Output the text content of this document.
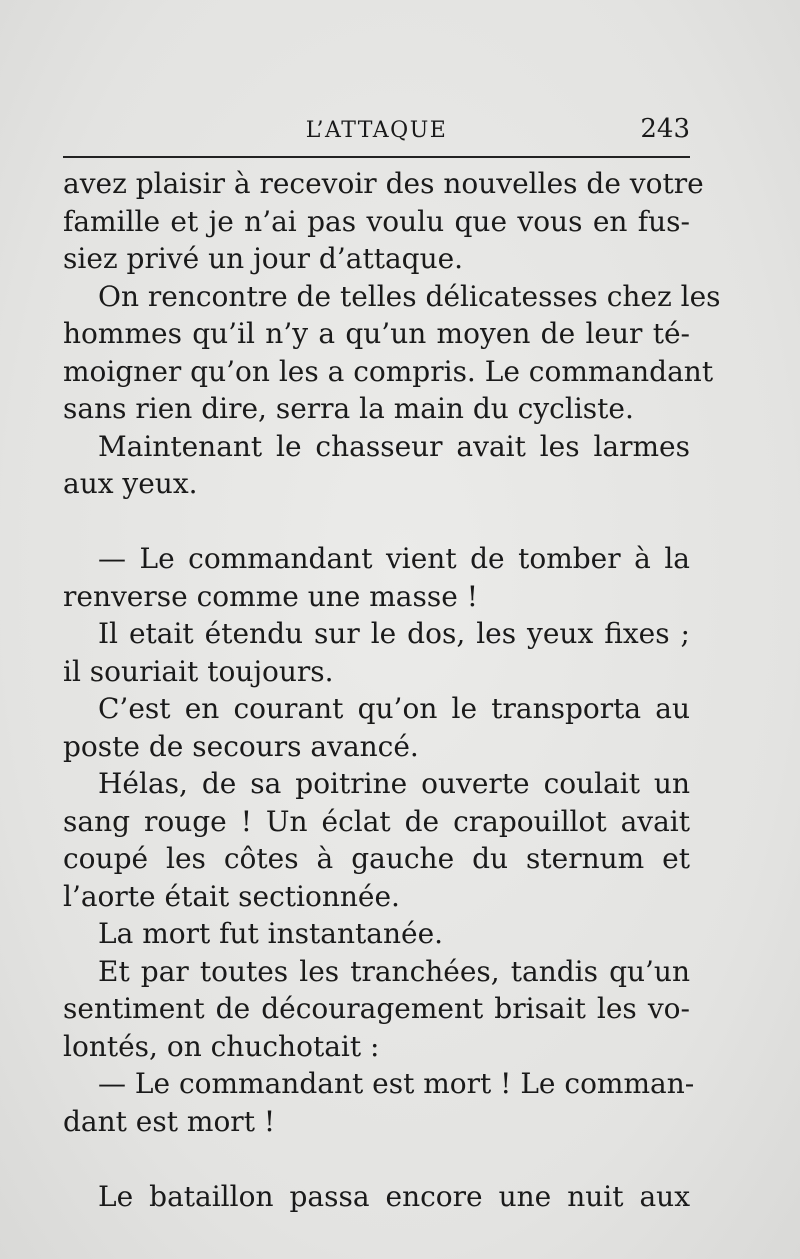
L’ATTAQUE	243
avez plaisir à recevoir des nouvelles de votre
famille et je n’ai pas voulu que vous en fus-
siez privé un jour d’attaque.
On rencontre de telles délicatesses chez les
hommes qu’il n’y a qu’un moyen de leur té-
moigner qu’on les a compris. Le commandant
sans rien dire, serra la main du cycliste.
Maintenant le chasseur avait les larmes
aux yeux.
— Le commandant vient de tomber à la
renverse comme une masse !
Il etait étendu sur le dos, les yeux fixes ;
il souriait toujours.
C’est en courant qu’on le transporta au
poste de secours avancé.
Hélas, de sa poitrine ouverte coulait un
sang rouge ! Un éclat de crapouillot avait
coupé les côtes à gauche du sternum et
l’aorte était sectionnée.
La mort fut instantanée.
Et par toutes les tranchées, tandis qu’un
sentiment de découragement brisait les vo-
lontés, on chuchotait :
— Le commandant est mort ! Le comman-
dant est mort !
Le bataillon passa encore une nuit aux
